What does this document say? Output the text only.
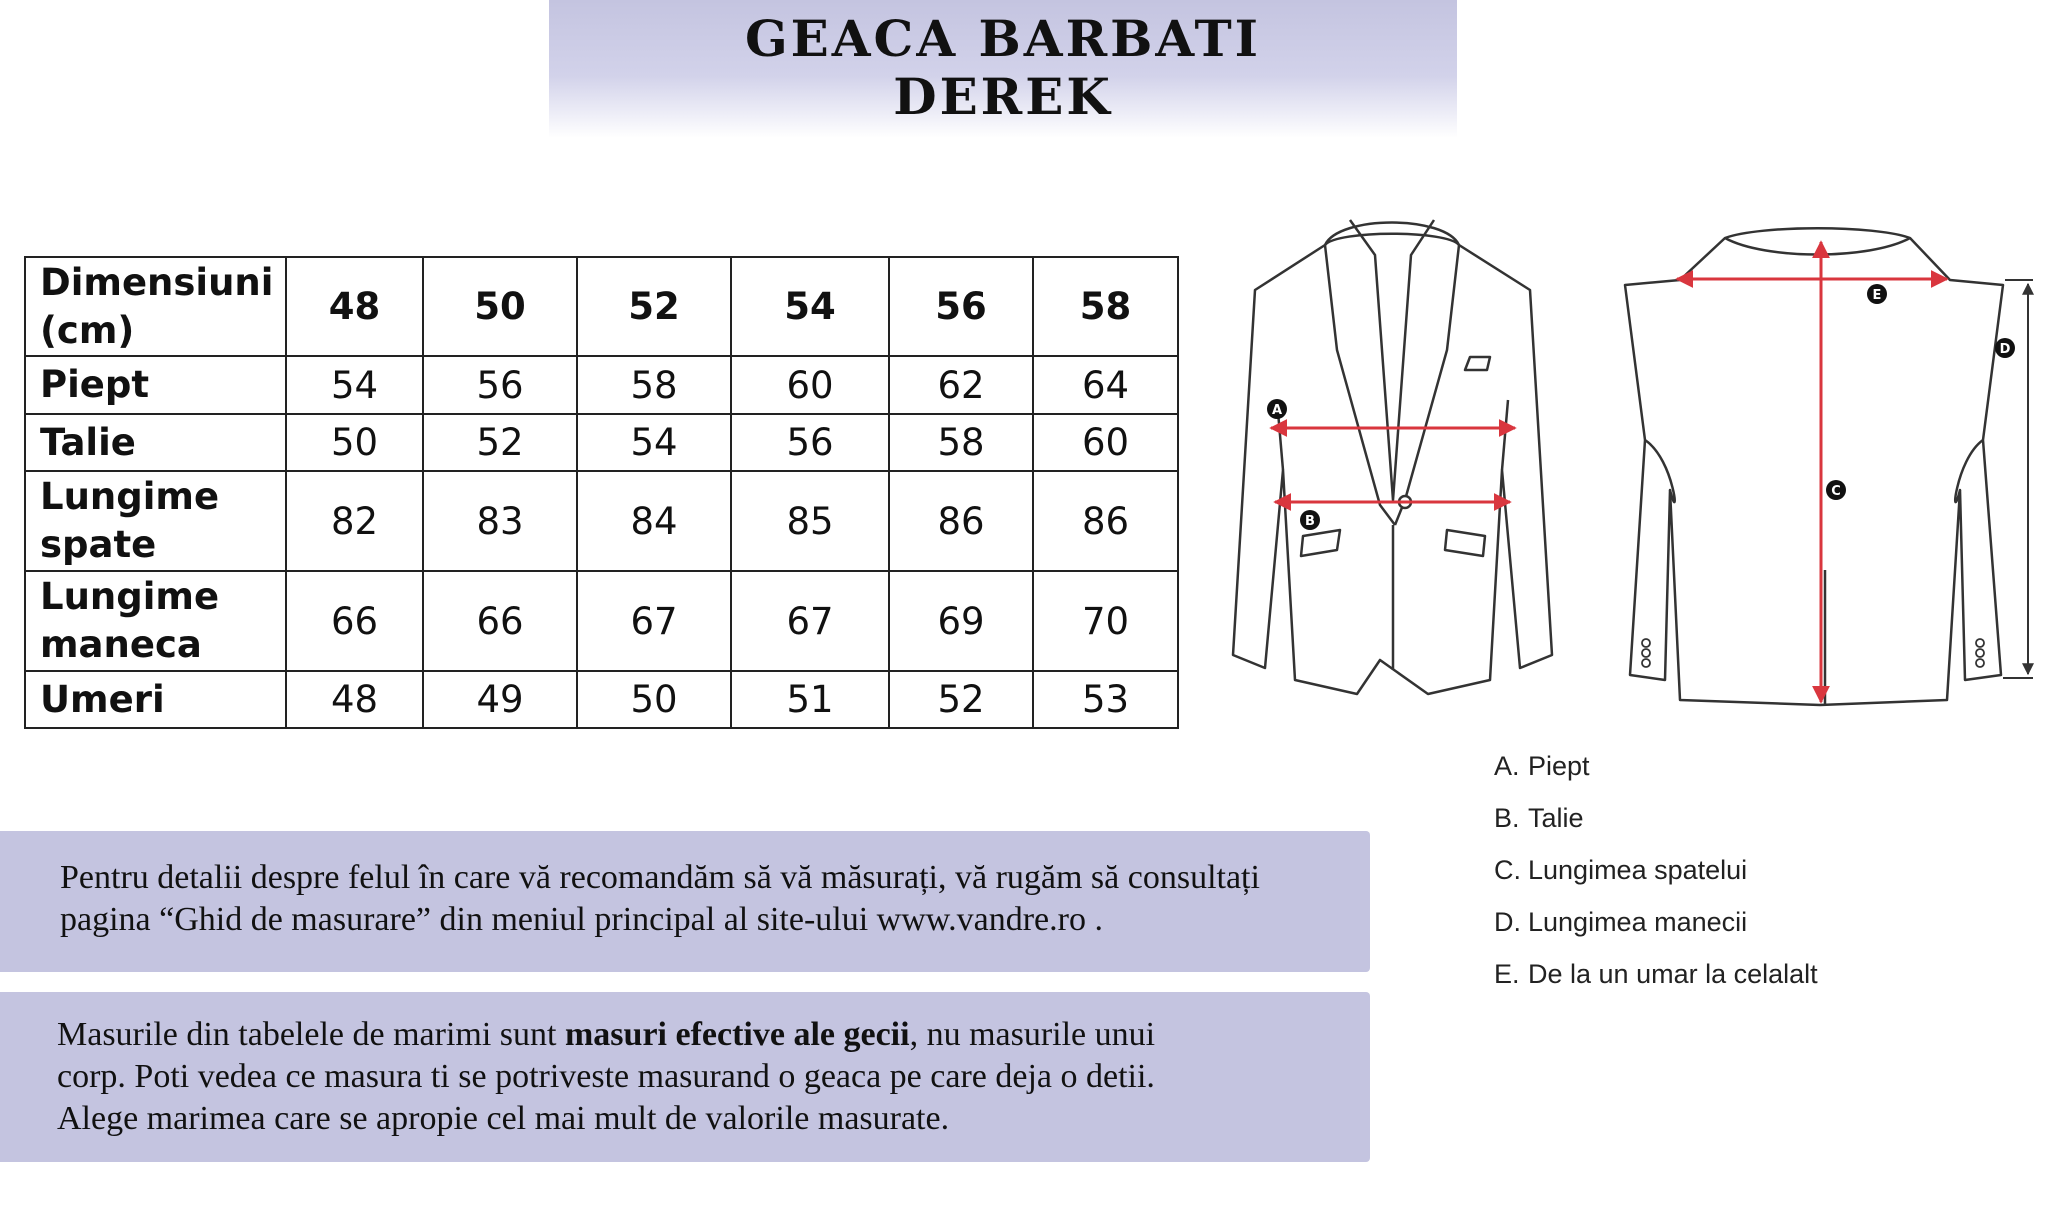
GEACA BARBATI
DEREK
Dimensiuni
(cm)	48	50	52	54	56	58
Piept	54	56	58	60	62	64
Talie	50	52	54	56	58	60

Lungime
spate	82	83	84	85	86	86

Lungime
maneca	66	66	67	67	69	70
Umeri	48	49	50	51	52	53
A
B
C
D
E
A. Piept
B. Talie
C. Lungimea spatelui
D. Lungimea manecii
E. De la un umar la celalalt
Pentru detalii despre felul în care vă recomandăm să vă măsurați, vă rugăm să consultați
pagina “Ghid de masurare” din meniul principal al site-ului www.vandre.ro .
Masurile din tabelele de marimi sunt masuri efective ale gecii, nu masurile unui
corp. Poti vedea ce masura ti se potriveste masurand o geaca pe care deja o detii.
Alege marimea care se apropie cel mai mult de valorile masurate.
